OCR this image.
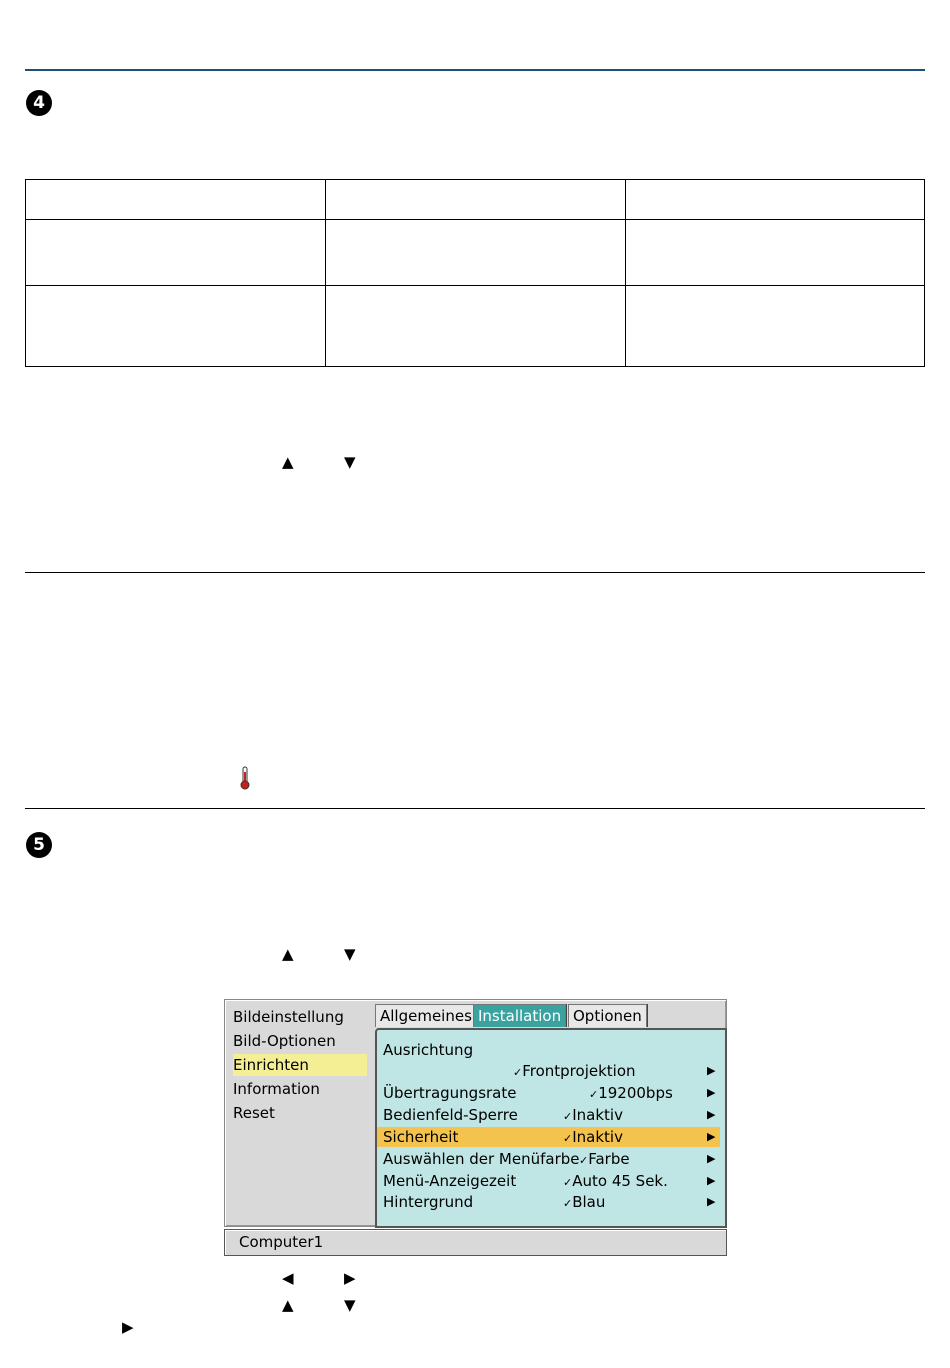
4

▲	▼
5
▲	▼
Bildeinstellung
Bild-Optionen
Einrichten
Information
Reset
Allgemeines Installation Optionen
Ausrichtung
✓Frontprojektion	▶
Übertragungsrate	✓19200bps	▶
Bedienfeld-Sperre	✓Inaktiv	▶
Sicherheit	✓Inaktiv	▶
Auswählen der Menüfarbe ✓Farbe	▶
Menü-Anzeigezeit	✓Auto 45 Sek.	▶
Hintergrund	✓Blau	▶
Computer1
◀	▶
▲	▼
▶
